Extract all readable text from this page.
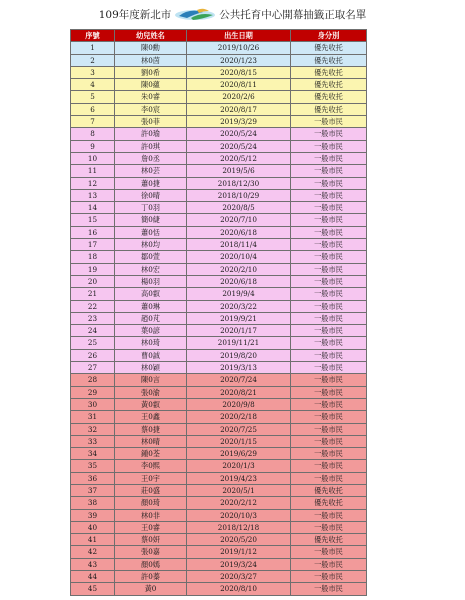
109年度新北市	公共托育中心開幕抽籤正取名單
序號	幼兒姓名	出生日期	身分別
1	陳0勳	2019/10/26	優先收托
2	林0茵	2020/1/23	優先收托
3	劉0希	2020/8/15	優先收托
4	陳0蘊	2020/8/11	優先收托
5	朱0睿	2020/2/6	優先收托
6	李0宸	2020/8/17	優先收托
7	張0菲	2019/3/29	一般市民
8	許0瑜	2020/5/24	一般市民
9	許0琪	2020/5/24	一般市民
10	詹0丞	2020/5/12	一般市民
11	林0芸	2019/5/6	一般市民
12	蕭0捷	2018/12/30	一般市民
13	徐0晴	2018/10/29	一般市民
14	丁0羽	2020/8/5	一般市民
15	簡0緁	2020/7/10	一般市民
16	蕭0恬	2020/6/18	一般市民
17	林0均	2018/11/4	一般市民
18	鄒0萱	2020/10/4	一般市民
19	林0宏	2020/2/10	一般市民
20	楊0羽	2020/6/18	一般市民
21	高0叡	2019/9/4	一般市民
22	蕭0琳	2020/3/22	一般市民
23	趙0芃	2019/9/21	一般市民
24	葉0諺	2020/1/17	一般市民
25	林0琦	2019/11/21	一般市民
26	曹0誠	2019/8/20	一般市民
27	林0穎	2019/3/13	一般市民
28	陳0言	2020/7/24	一般市民
29	張0渝	2020/8/21	一般市民
30	黃0叡	2020/9/8	一般市民
31	王0鑫	2020/2/18	一般市民
32	蔡0捷	2020/7/25	一般市民
33	林0晴	2020/1/15	一般市民
34	鍾0荃	2019/6/29	一般市民
35	李0熙	2020/1/3	一般市民
36	王0宇	2019/4/23	一般市民
37	莊0盛	2020/5/1	優先收托
38	顏0琦	2020/2/12	優先收托
39	林0非	2020/10/3	一般市民
40	王0睿	2018/12/18	一般市民
41	蔡0妍	2020/5/20	優先收托
42	張0嘉	2019/1/12	一般市民
43	顏0嫣	2019/3/24	一般市民
44	許0蓁	2020/3/27	一般市民
45	黃0	2020/8/10	一般市民
